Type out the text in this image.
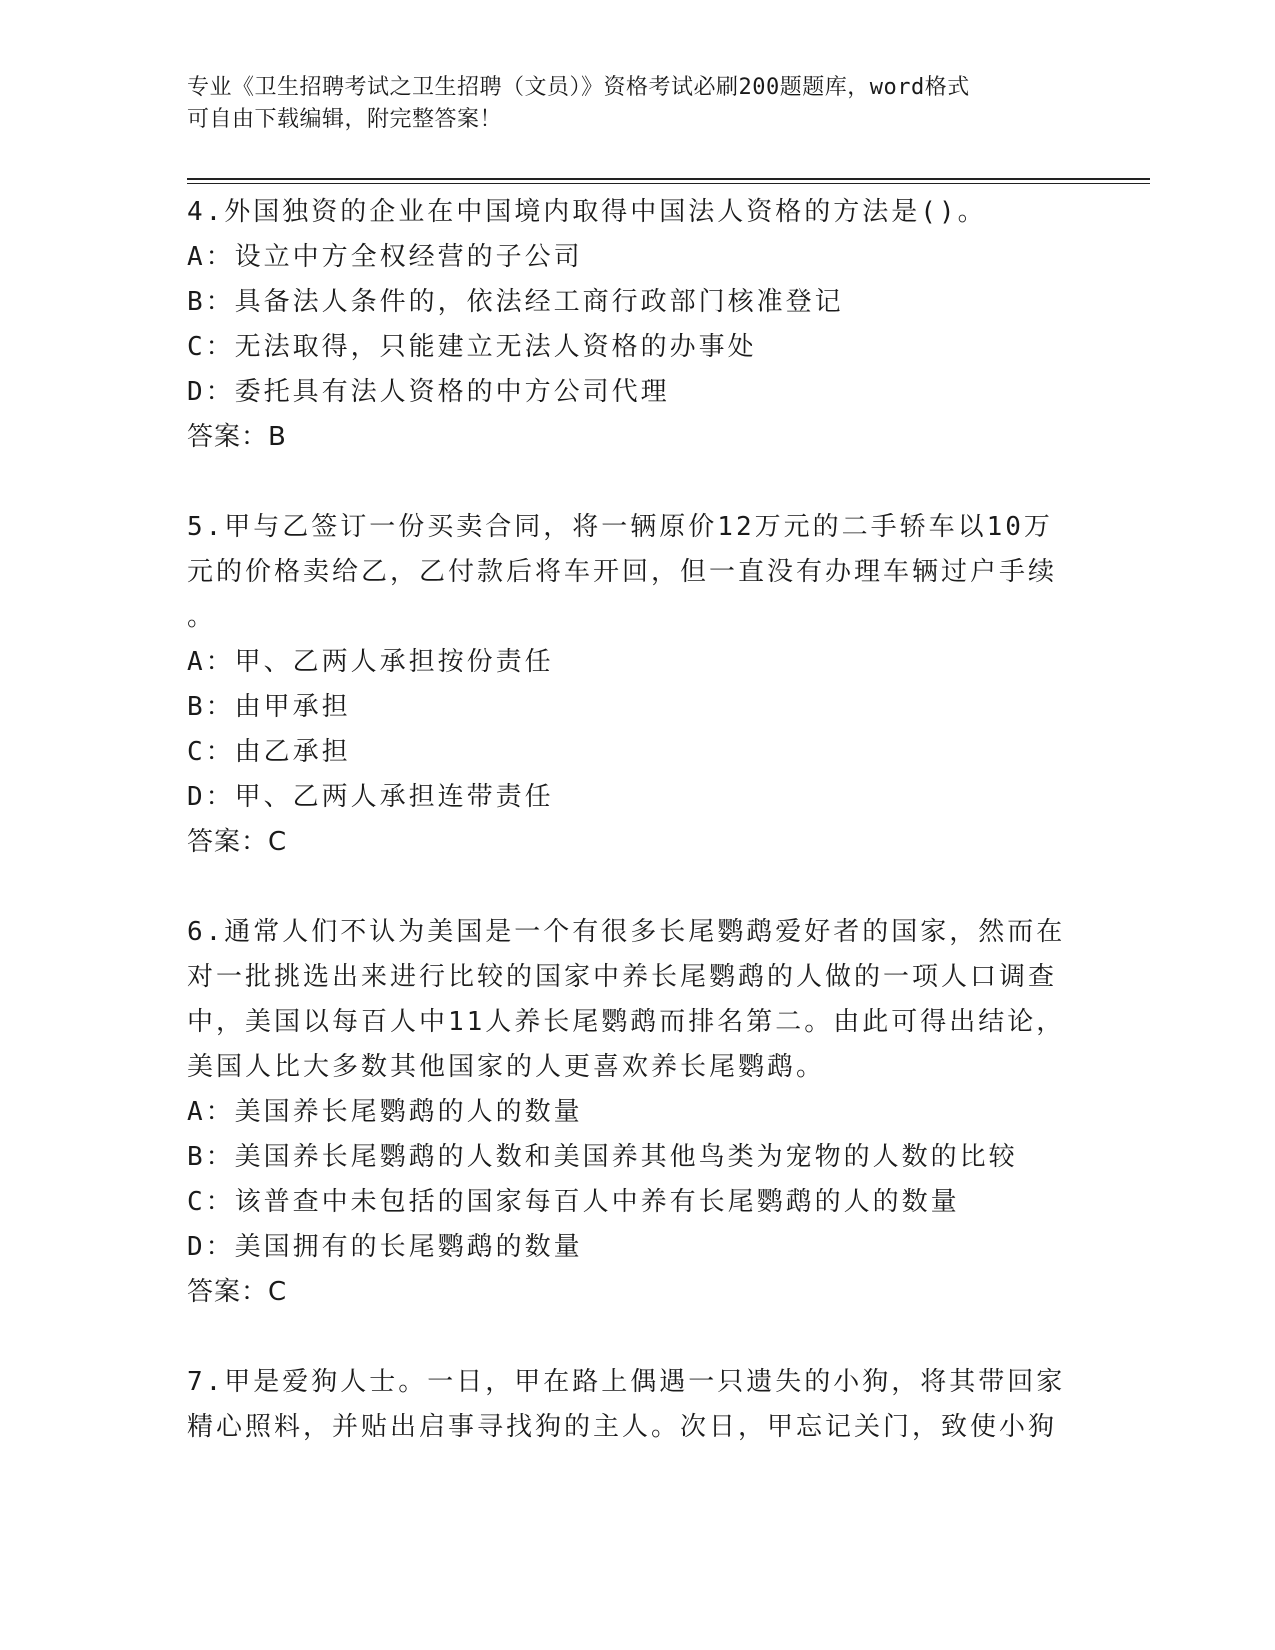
专业《卫生招聘考试之卫生招聘（文员）》资格考试必刷200题题库，word格式
可自由下载编辑，附完整答案！
4.外国独资的企业在中国境内取得中国法人资格的方法是()。
A：设立中方全权经营的子公司
B：具备法人条件的，依法经工商行政部门核准登记
C：无法取得，只能建立无法人资格的办事处
D：委托具有法人资格的中方公司代理
答案：B
5.甲与乙签订一份买卖合同，将一辆原价12万元的二手轿车以10万
元的价格卖给乙，乙付款后将车开回，但一直没有办理车辆过户手续
。
A：甲、乙两人承担按份责任
B：由甲承担
C：由乙承担
D：甲、乙两人承担连带责任
答案：C
6.通常人们不认为美国是一个有很多长尾鹦鹉爱好者的国家，然而在
对一批挑选出来进行比较的国家中养长尾鹦鹉的人做的一项人口调查
中，美国以每百人中11人养长尾鹦鹉而排名第二。由此可得出结论，
美国人比大多数其他国家的人更喜欢养长尾鹦鹉。
A：美国养长尾鹦鹉的人的数量
B：美国养长尾鹦鹉的人数和美国养其他鸟类为宠物的人数的比较
C：该普查中未包括的国家每百人中养有长尾鹦鹉的人的数量
D：美国拥有的长尾鹦鹉的数量
答案：C
7.甲是爱狗人士。一日，甲在路上偶遇一只遗失的小狗，将其带回家
精心照料，并贴出启事寻找狗的主人。次日，甲忘记关门，致使小狗
